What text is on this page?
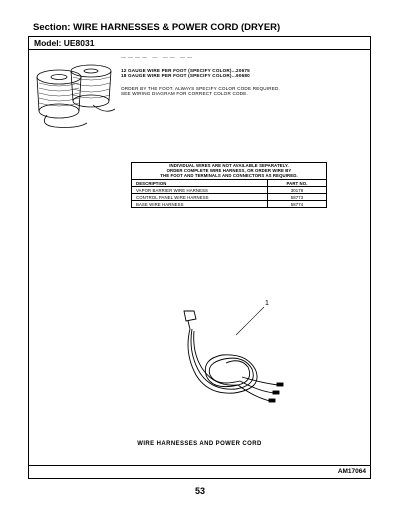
Section: WIRE HARNESSES & POWER CORD (DRYER)
Model: UE8031
———— — —— ——
12 GAUGE WIRE PER FOOT (SPECIFY COLOR)...20675
18 GAUGE WIRE PER FOOT (SPECIFY COLOR)...90680
ORDER BY THE FOOT. ALWAYS SPECIFY COLOR CODE REQUIRED.
SEE WIRING DIAGRAM FOR CORRECT COLOR CODE.
INDIVIDUAL WIRES ARE NOT AVAILABLE SEPARATELY.
ORDER COMPLETE WIRE HARNESS, OR ORDER WIRE BY
THE FOOT AND TERMINALS AND CONNECTORS AS REQUIRED.
DESCRIPTION	PART NO.
VAPOR BARRIER WIRE HARNESS	30178
CONTROL PANEL WIRE HARNESS	58773
BASE WIRE HARNESS	58774
1
WIRE HARNESSES AND POWER CORD
AM17064
53
